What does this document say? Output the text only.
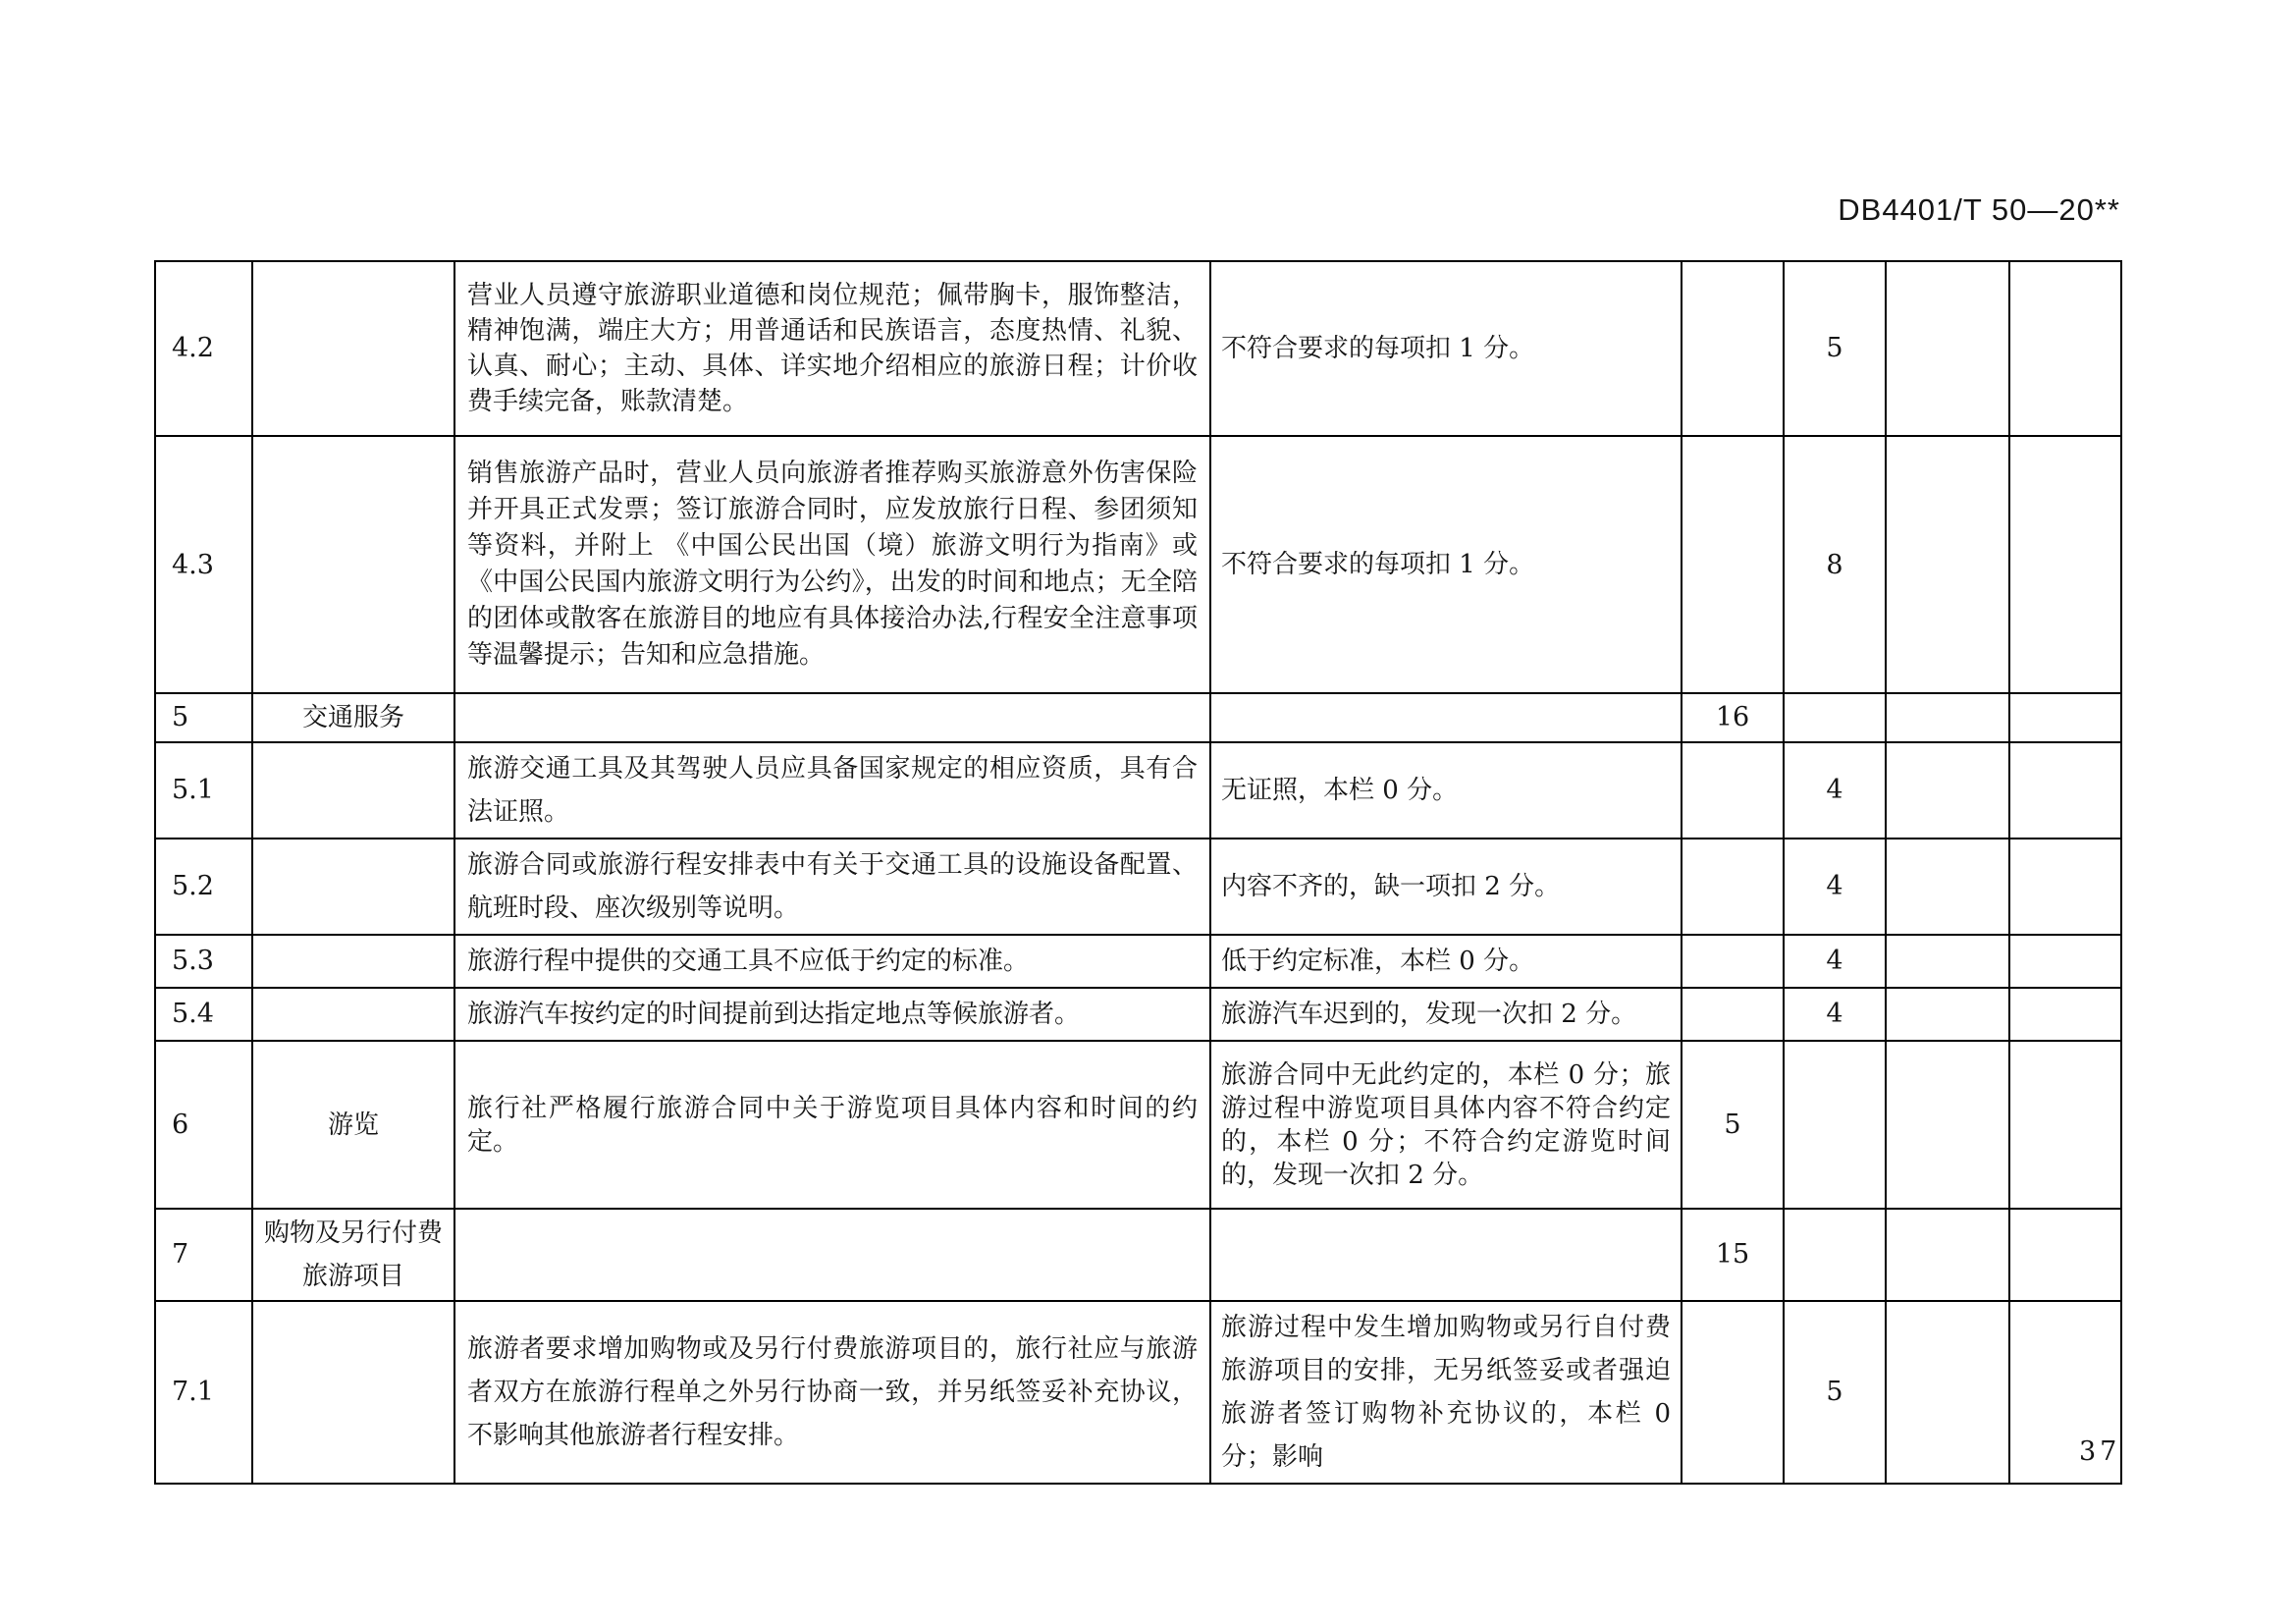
DB4401/T 50—20**
4.2		营业人员遵守旅游职业道德和岗位规范；佩带胸卡，服饰整洁，精神饱满，端庄大方；用普通话和民族语言，态度热情、礼貌、认真、耐心；主动、具体、详实地介绍相应的旅游日程；计价收费手续完备，账款清楚。	不符合要求的每项扣 1 分。		5		
4.3		销售旅游产品时，营业人员向旅游者推荐购买旅游意外伤害保险并开具正式发票；签订旅游合同时，应发放旅行日程、参团须知等资料，并附上 《中国公民出国（境）旅游文明行为指南》或《中国公民国内旅游文明行为公约》，出发的时间和地点；无全陪的团体或散客在旅游目的地应有具体接洽办法,行程安全注意事项等温馨提示；告知和应急措施。	不符合要求的每项扣 1 分。		8		
5	交通服务			16			
5.1		旅游交通工具及其驾驶人员应具备国家规定的相应资质，具有合法证照。	无证照，本栏 0 分。		4		
5.2		旅游合同或旅游行程安排表中有关于交通工具的设施设备配置、航班时段、座次级别等说明。	内容不齐的，缺一项扣 2 分。		4		
5.3		旅游行程中提供的交通工具不应低于约定的标准。	低于约定标准，本栏 0 分。		4		
5.4		旅游汽车按约定的时间提前到达指定地点等候旅游者。	旅游汽车迟到的，发现一次扣 2 分。		4		
6	游览	旅行社严格履行旅游合同中关于游览项目具体内容和时间的约定。	旅游合同中无此约定的，本栏 0 分；旅游过程中游览项目具体内容不符合约定的，本栏 0 分；不符合约定游览时间的，发现一次扣 2 分。	5			
7	购物及另行付费旅游项目			15			
7.1		旅游者要求增加购物或及另行付费旅游项目的，旅行社应与旅游者双方在旅游行程单之外另行协商一致，并另纸签妥补充协议，不影响其他旅游者行程安排。	旅游过程中发生增加购物或另行自付费旅游项目的安排，无另纸签妥或者强迫旅游者签订购物补充协议的，本栏 0 分；影响		5		
37
